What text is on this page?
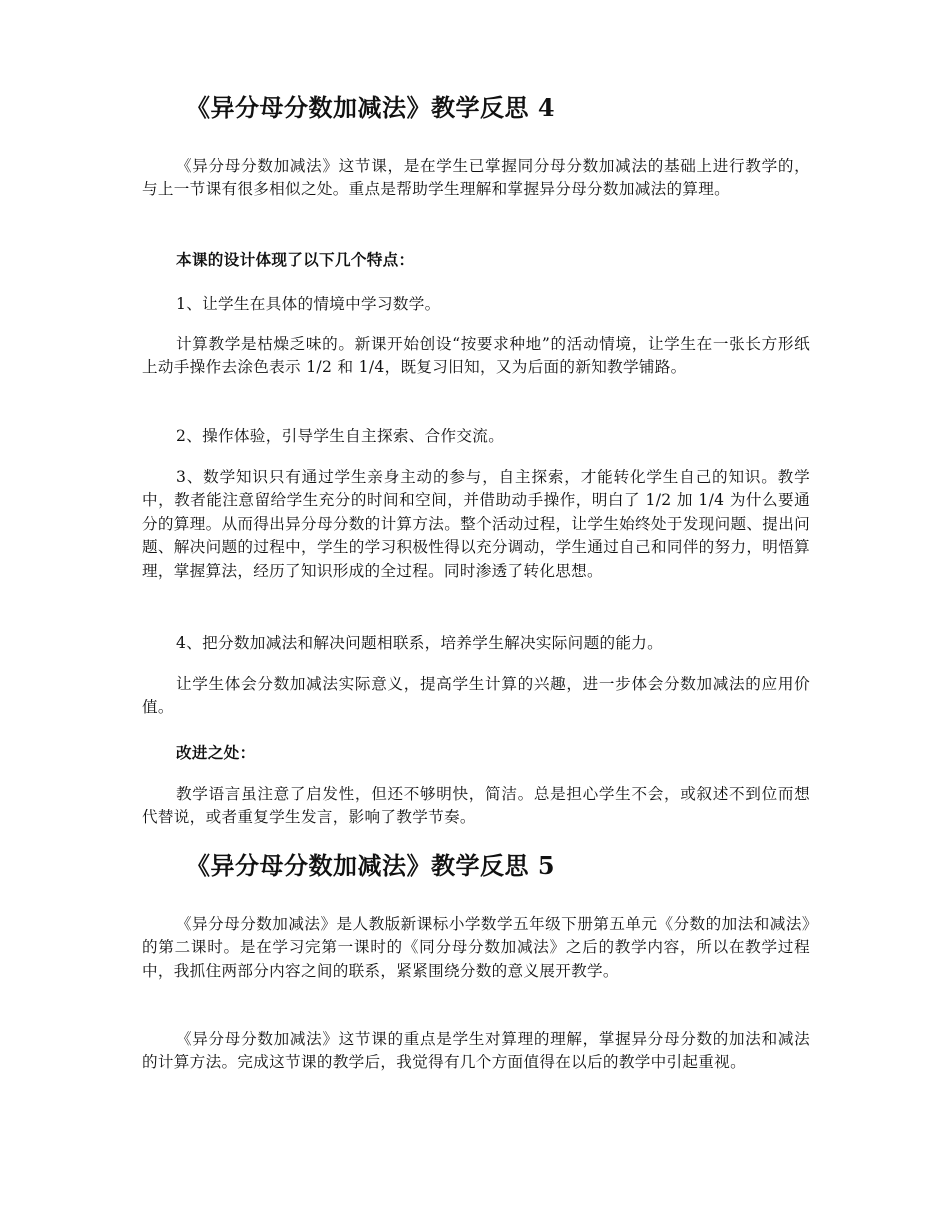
《异分母分数加减法》教学反思 4

《异分母分数加减法》这节课，是在学生已掌握同分母分数加减法的基础上进行教学的，与上一节课有很多相似之处。重点是帮助学生理解和掌握异分母分数加减法的算理。

本课的设计体现了以下几个特点：

1、让学生在具体的情境中学习数学。

计算教学是枯燥乏味的。新课开始创设“按要求种地”的活动情境，让学生在一张长方形纸上动手操作去涂色表示 1/2 和 1/4，既复习旧知，又为后面的新知教学铺路。

2、操作体验，引导学生自主探索、合作交流。

3、数学知识只有通过学生亲身主动的参与，自主探索，才能转化学生自己的知识。教学中，教者能注意留给学生充分的时间和空间，并借助动手操作，明白了 1/2 加 1/4 为什么要通分的算理。从而得出异分母分数的计算方法。整个活动过程，让学生始终处于发现问题、提出问题、解决问题的过程中，学生的学习积极性得以充分调动，学生通过自己和同伴的努力，明悟算理，掌握算法，经历了知识形成的全过程。同时渗透了转化思想。

4、把分数加减法和解决问题相联系，培养学生解决实际问题的能力。

让学生体会分数加减法实际意义，提高学生计算的兴趣，进一步体会分数加减法的应用价值。

改进之处：

教学语言虽注意了启发性，但还不够明快，简洁。总是担心学生不会，或叙述不到位而想代替说，或者重复学生发言，影响了教学节奏。

《异分母分数加减法》教学反思 5

《异分母分数加减法》是人教版新课标小学数学五年级下册第五单元《分数的加法和减法》的第二课时。是在学习完第一课时的《同分母分数加减法》之后的教学内容，所以在教学过程中，我抓住两部分内容之间的联系，紧紧围绕分数的意义展开教学。

《异分母分数加减法》这节课的重点是学生对算理的理解，掌握异分母分数的加法和减法的计算方法。完成这节课的教学后，我觉得有几个方面值得在以后的教学中引起重视。
